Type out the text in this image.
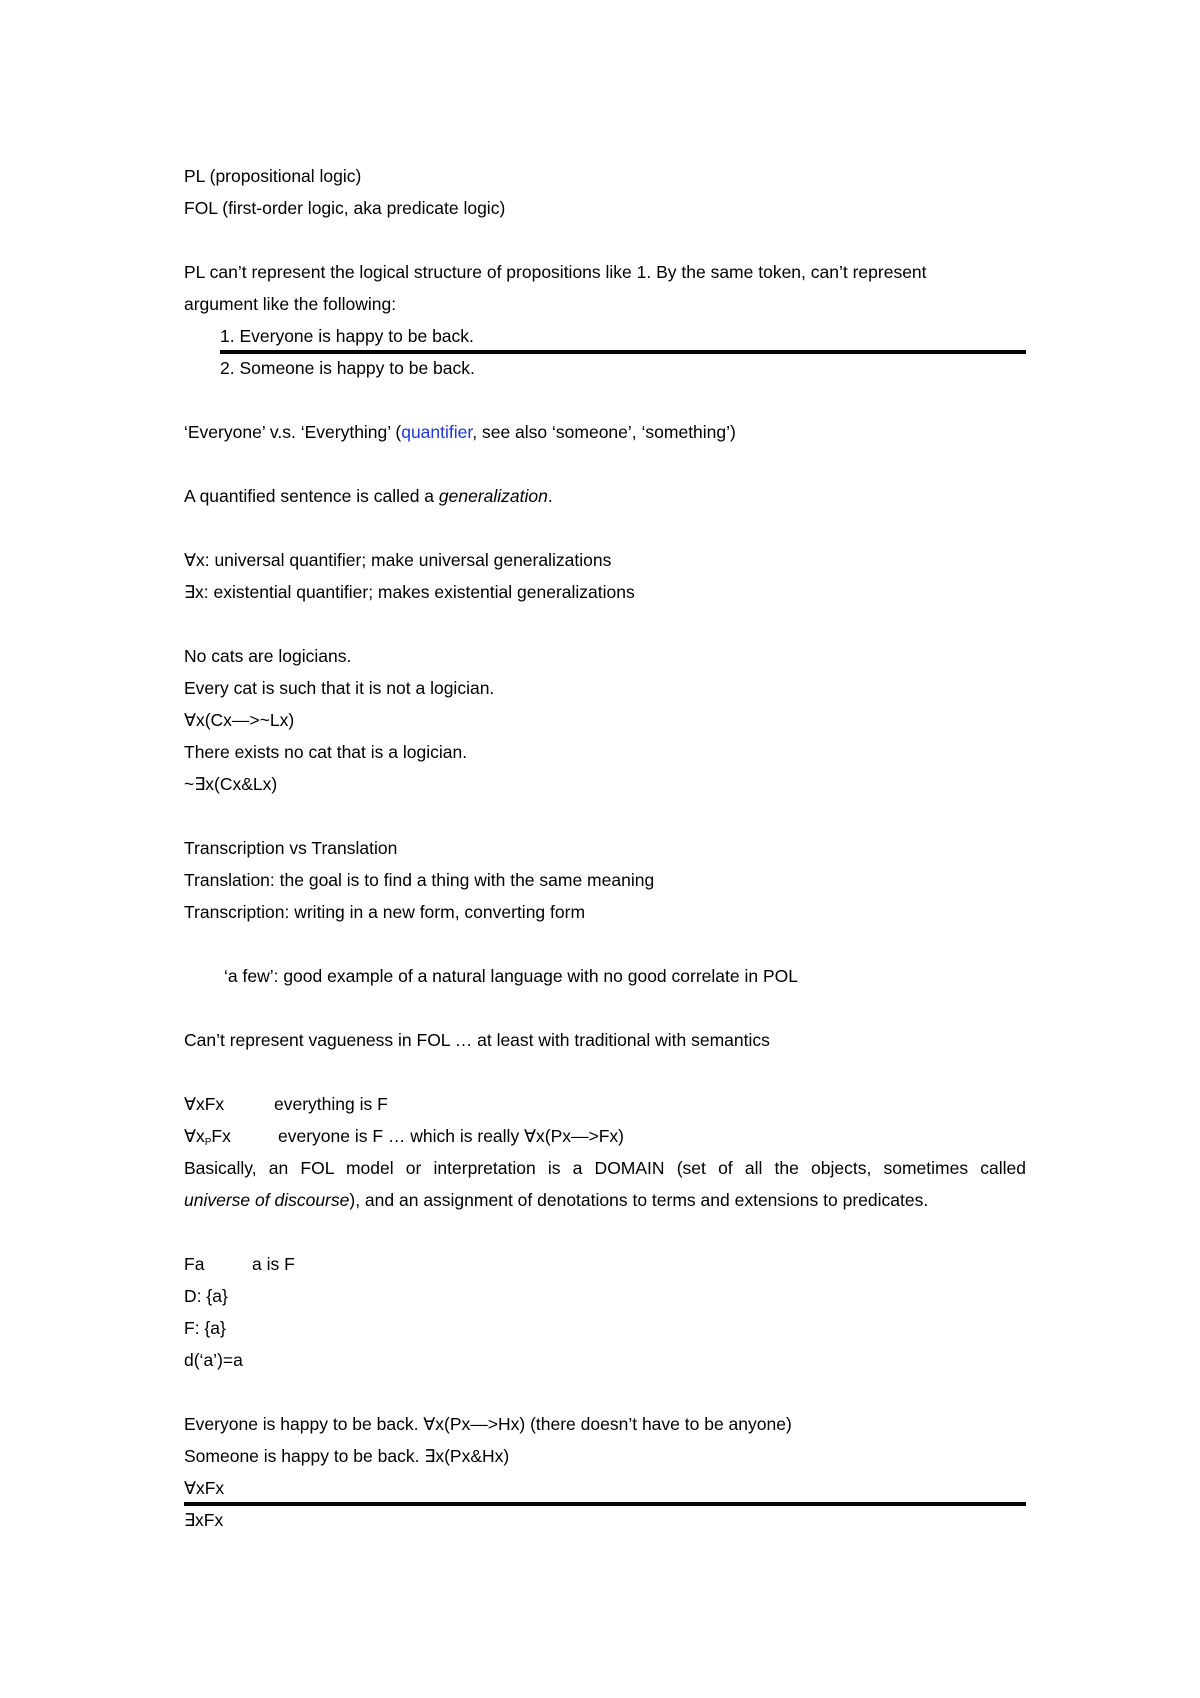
PL (propositional logic)
FOL (first-order logic, aka predicate logic)
PL can’t represent the logical structure of propositions like 1. By the same token, can’t represent
argument like the following:
1. Everyone is happy to be back.
2. Someone is happy to be back.
‘Everyone’ v.s. ‘Everything’ (quantifier, see also ‘someone’, ‘something’)
A quantified sentence is called a generalization.
∀x: universal quantifier; make universal generalizations
∃x: existential quantifier; makes existential generalizations
No cats are logicians.
Every cat is such that it is not a logician.
∀x(Cx—>~Lx)
There exists no cat that is a logician.
~∃x(Cx&Lx)
Transcription vs Translation
Translation: the goal is to find a thing with the same meaning
Transcription: writing in a new form, converting form
‘a few’: good example of a natural language with no good correlate in POL
Can’t represent vagueness in FOL … at least with traditional with semantics
∀xFx	everything is F
$\forall x_PFx$	everyone is F … which is really ∀x(Px—>Fx)
Basically, an FOL model or interpretation is a DOMAIN (set of all the objects, sometimes called
universe of discourse), and an assignment of denotations to terms and extensions to predicates.
Fa	a is F
D: {a}
F: {a}
d(‘a’)=a
Everyone is happy to be back. ∀x(Px—>Hx) (there doesn’t have to be anyone)
Someone is happy to be back. ∃x(Px&Hx)
∀xFx
∃xFx
